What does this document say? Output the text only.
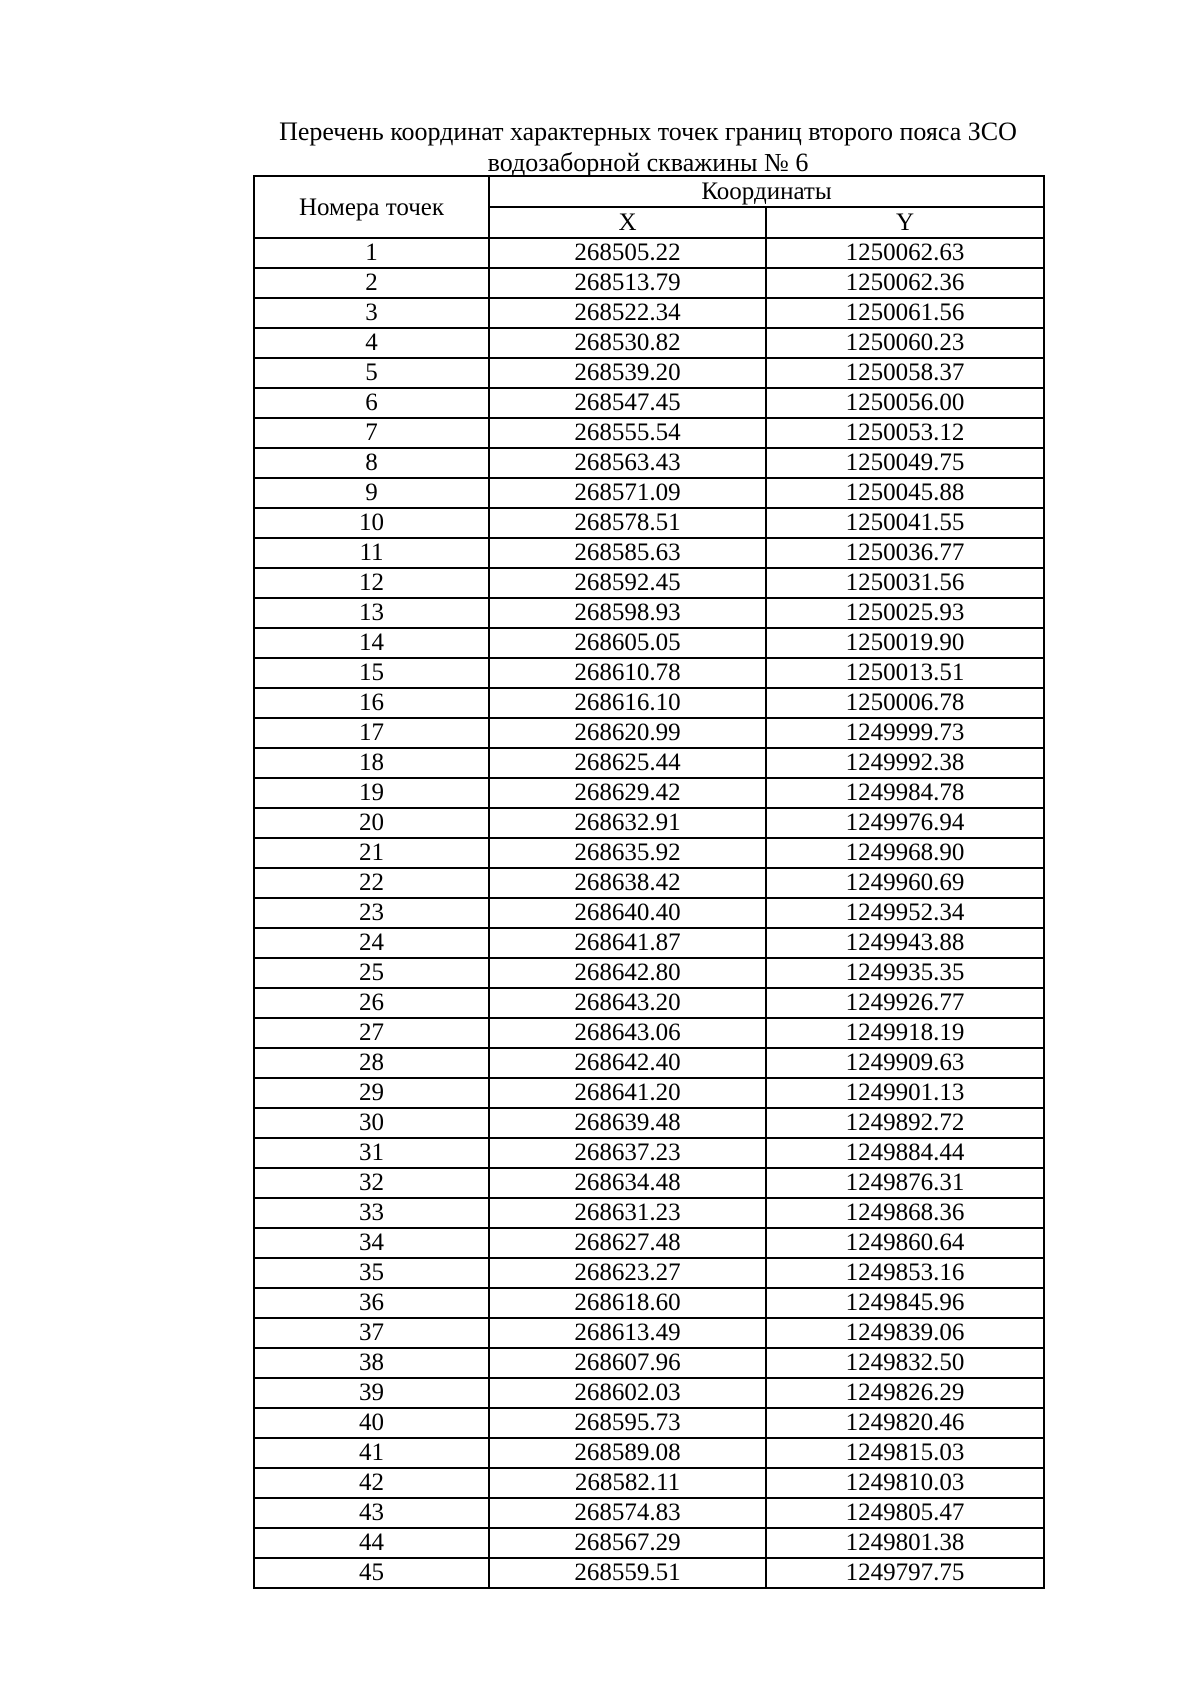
Перечень координат характерных точек границ второго пояса ЗСО
водозаборной скважины № 6
Номера точек	Координаты	
	X	Y
1	268505.22	1250062.63
2	268513.79	1250062.36
3	268522.34	1250061.56
4	268530.82	1250060.23
5	268539.20	1250058.37
6	268547.45	1250056.00
7	268555.54	1250053.12
8	268563.43	1250049.75
9	268571.09	1250045.88
10	268578.51	1250041.55
11	268585.63	1250036.77
12	268592.45	1250031.56
13	268598.93	1250025.93
14	268605.05	1250019.90
15	268610.78	1250013.51
16	268616.10	1250006.78
17	268620.99	1249999.73
18	268625.44	1249992.38
19	268629.42	1249984.78
20	268632.91	1249976.94
21	268635.92	1249968.90
22	268638.42	1249960.69
23	268640.40	1249952.34
24	268641.87	1249943.88
25	268642.80	1249935.35
26	268643.20	1249926.77
27	268643.06	1249918.19
28	268642.40	1249909.63
29	268641.20	1249901.13
30	268639.48	1249892.72
31	268637.23	1249884.44
32	268634.48	1249876.31
33	268631.23	1249868.36
34	268627.48	1249860.64
35	268623.27	1249853.16
36	268618.60	1249845.96
37	268613.49	1249839.06
38	268607.96	1249832.50
39	268602.03	1249826.29
40	268595.73	1249820.46
41	268589.08	1249815.03
42	268582.11	1249810.03
43	268574.83	1249805.47
44	268567.29	1249801.38
45	268559.51	1249797.75
